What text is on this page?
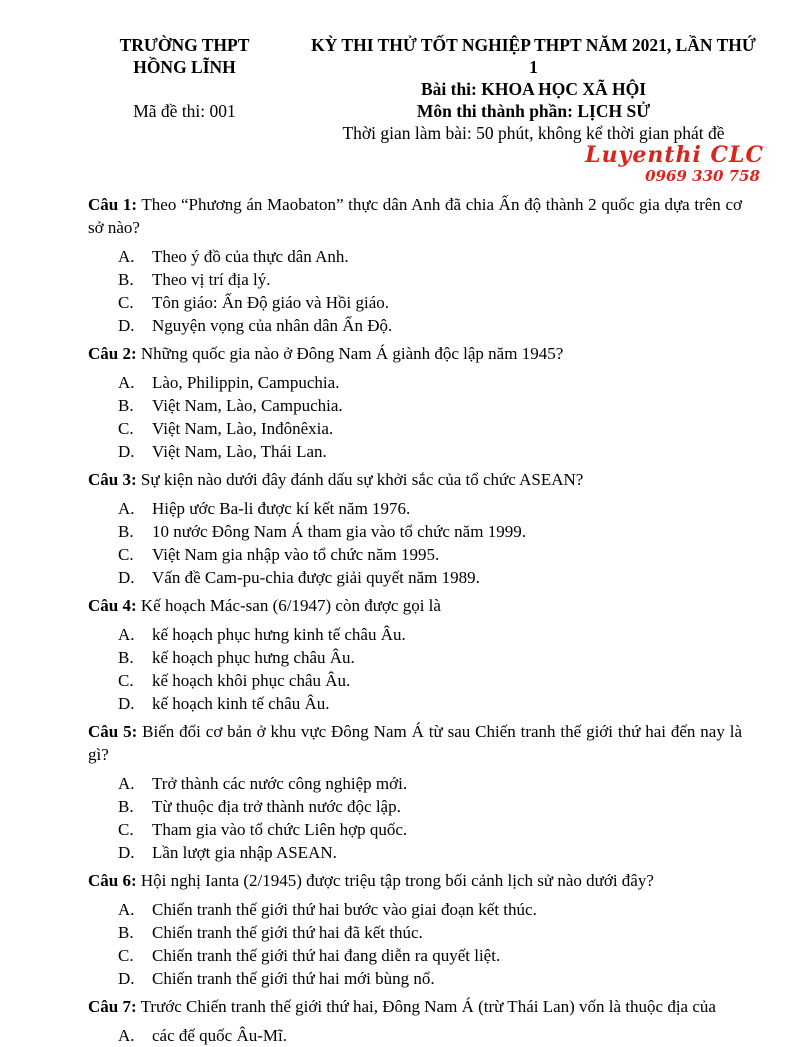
TRƯỜNG THPT
HỒNG LĨNH
Mã đề thi: 001
KỲ THI THỬ TỐT NGHIỆP THPT NĂM 2021, LẦN THỨ 1
Bài thi: KHOA HỌC XÃ HỘI
Môn thi thành phần: LỊCH SỬ
Thời gian làm bài: 50 phút, không kể thời gian phát đề
Luyenthi CLC
0969 330 758

Câu 1: Theo “Phương án Maobaton” thực dân Anh đã chia Ấn độ thành 2 quốc gia dựa trên cơ sở nào?

A.	Theo ý đồ của thực dân Anh.
B.	Theo vị trí địa lý.
C.	Tôn giáo: Ấn Độ giáo và Hồi giáo.
D.	Nguyện vọng của nhân dân Ấn Độ.

Câu 2: Những quốc gia nào ở Đông Nam Á giành độc lập năm 1945?

A.	Lào, Philippin, Campuchia.
B.	Việt Nam, Lào, Campuchia.
C.	Việt Nam, Lào, Inđônêxia.
D.	Việt Nam, Lào, Thái Lan.

Câu 3: Sự kiện nào dưới đây đánh dấu sự khởi sắc của tổ chức ASEAN?

A.	Hiệp ước Ba-li được kí kết năm 1976.
B.	10 nước Đông Nam Á tham gia vào tổ chức năm 1999.
C.	Việt Nam gia nhập vào tổ chức năm 1995.
D.	Vấn đề Cam-pu-chia được giải quyết năm 1989.

Câu 4: Kế hoạch Mác-san (6/1947) còn được gọi là

A.	kế hoạch phục hưng kinh tế châu Âu.
B.	kế hoạch phục hưng châu Âu.
C.	kế hoạch khôi phục châu Âu.
D.	kế hoạch kinh tế châu Âu.

Câu 5: Biến đổi cơ bản ở khu vực Đông Nam Á từ sau Chiến tranh thế giới thứ hai đến nay là gì?

A.	Trở thành các nước công nghiệp mới.
B.	Từ thuộc địa trở thành nước độc lập.
C.	Tham gia vào tổ chức Liên hợp quốc.
D.	Lần lượt gia nhập ASEAN.

Câu 6: Hội nghị Ianta (2/1945) được triệu tập trong bối cảnh lịch sử nào dưới đây?

A.	Chiến tranh thế giới thứ hai bước vào giai đoạn kết thúc.
B.	Chiến tranh thế giới thứ hai đã kết thúc.
C.	Chiến tranh thế giới thứ hai đang diễn ra quyết liệt.
D.	Chiến tranh thế giới thứ hai mới bùng nổ.

Câu 7: Trước Chiến tranh thế giới thứ hai, Đông Nam Á (trừ Thái Lan) vốn là thuộc địa của

A.	các đế quốc Âu-Mĩ.
